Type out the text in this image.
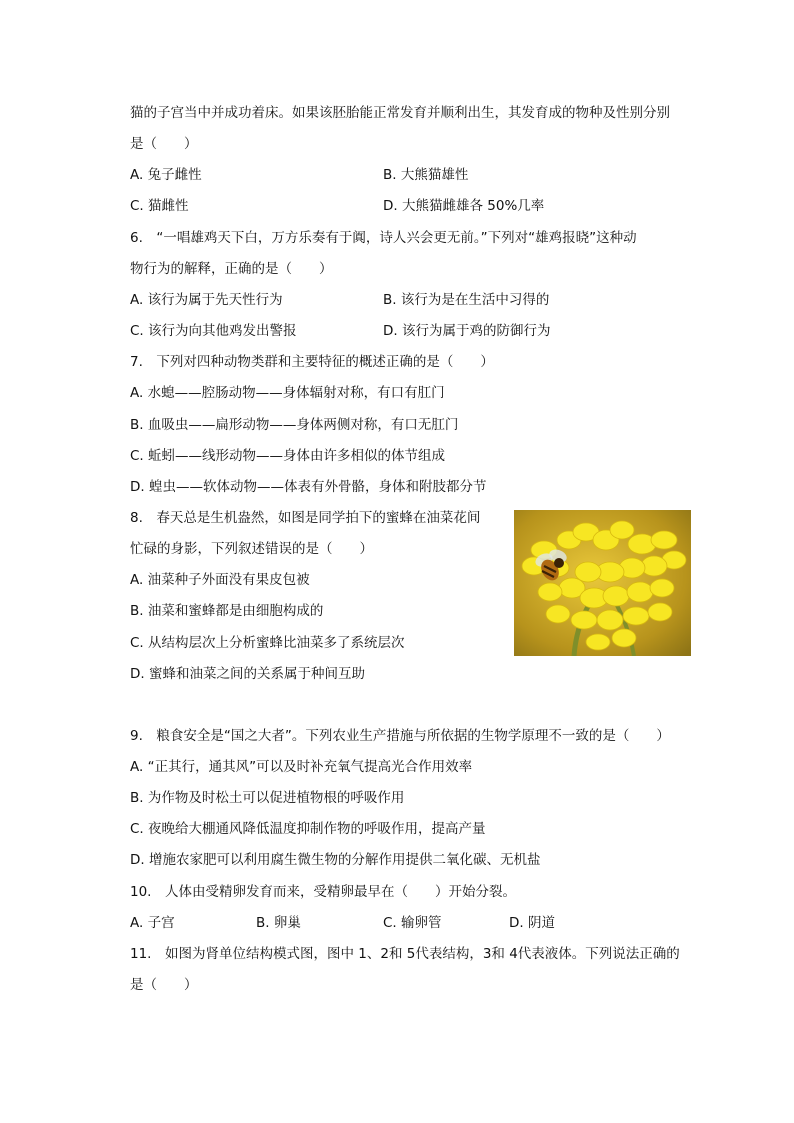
猫的子宫当中并成功着床。如果该胚胎能正常发育并顺利出生，其发育成的物种及性别分别
是（　　）
A. 兔子雌性	B. 大熊猫雄性
C. 猫雌性	D. 大熊猫雌雄各 50%几率
6.　“一唱雄鸡天下白，万方乐奏有于阗，诗人兴会更无前。”下列对“雄鸡报晓”这种动
物行为的解释，正确的是（　　）
A. 该行为属于先天性行为	B. 该行为是在生活中习得的
C. 该行为向其他鸡发出警报	D. 该行为属于鸡的防御行为
7.　下列对四种动物类群和主要特征的概述正确的是（　　）
A. 水螅——腔肠动物——身体辐射对称，有口有肛门
B. 血吸虫——扁形动物——身体两侧对称，有口无肛门
C. 蚯蚓——线形动物——身体由许多相似的体节组成
D. 蝗虫——软体动物——体表有外骨骼，身体和附肢都分节
8.　春天总是生机盎然，如图是同学拍下的蜜蜂在油菜花间
忙碌的身影，下列叙述错误的是（　　）
A. 油菜种子外面没有果皮包被
B. 油菜和蜜蜂都是由细胞构成的
C. 从结构层次上分析蜜蜂比油菜多了系统层次
D. 蜜蜂和油菜之间的关系属于种间互助
9.　粮食安全是“国之大者”。下列农业生产措施与所依据的生物学原理不一致的是（　　）
A. “正其行，通其风”可以及时补充氧气提高光合作用效率
B. 为作物及时松土可以促进植物根的呼吸作用
C. 夜晚给大棚通风降低温度抑制作物的呼吸作用，提高产量
D. 增施农家肥可以利用腐生微生物的分解作用提供二氧化碳、无机盐
10.　人体由受精卵发育而来，受精卵最早在（　　）开始分裂。
A. 子宫	B. 卵巢	C. 输卵管	D. 阴道
11.　如图为肾单位结构模式图，图中 1、2和 5代表结构，3和 4代表液体。下列说法正确的
是（　　）
